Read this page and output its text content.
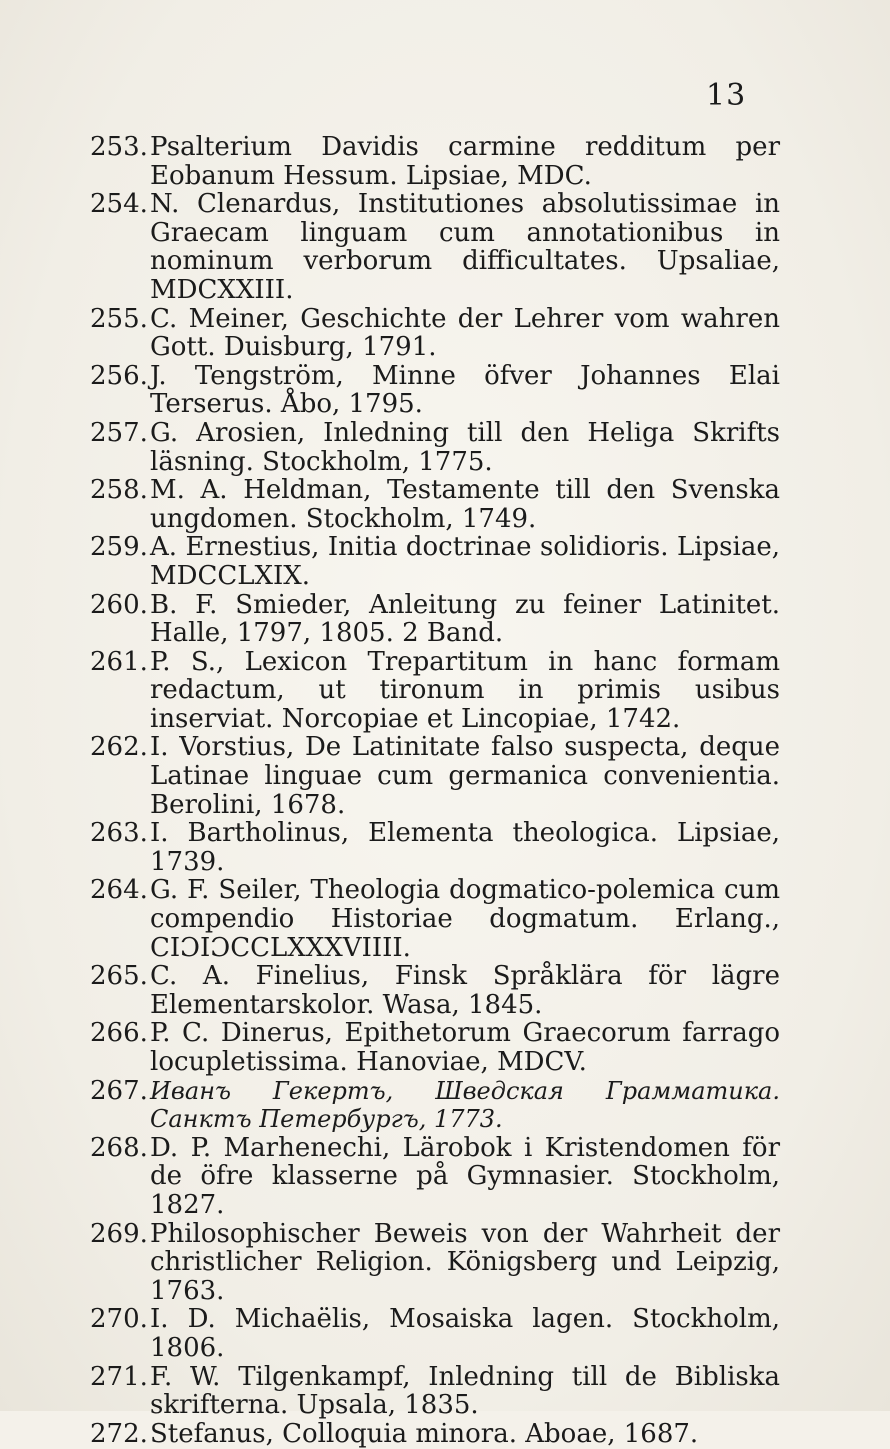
13
253. Psalterium Davidis carmine redditum per Eobanum Hessum. Lipsiae, MDC.
254. N. Clenardus, Institutiones absolutissimae in Graecam linguam cum annotationibus in nominum verborum difficultates. Upsaliae, MDCXXIII.
255. C. Meiner, Geschichte der Lehrer vom wahren Gott. Duisburg, 1791.
256. J. Tengström, Minne öfver Johannes Elai Terserus. Åbo, 1795.
257. G. Arosien, Inledning till den Heliga Skrifts läsning. Stockholm, 1775.
258. M. A. Heldman, Testamente till den Svenska ungdomen. Stockholm, 1749.
259. A. Ernestius, Initia doctrinae solidioris. Lipsiae, MDCCLXIX.
260. B. F. Smieder, Anleitung zu feiner Latinitet. Halle, 1797, 1805. 2 Band.
261. P. S., Lexicon Trepartitum in hanc formam redactum, ut tironum in primis usibus inserviat. Norcopiae et Lincopiae, 1742.
262. I. Vorstius, De Latinitate falso suspecta, deque Latinae linguae cum germanica convenientia. Berolini, 1678.
263. I. Bartholinus, Elementa theologica. Lipsiae, 1739.
264. G. F. Seiler, Theologia dogmatico-polemica cum compendio Historiae dogmatum. Erlang., CIƆIƆCCLXXXVIIII.
265. C. A. Finelius, Finsk Språklära för lägre Elementarskolor. Wasa, 1845.
266. P. C. Dinerus, Epithetorum Graecorum farrago locupletissima. Hanoviae, MDCV.
267. Иванъ Гекертъ, Шведская Грамматика. Санктъ Петербургъ, 1773.
268. D. P. Marhenechi, Lärobok i Kristendomen för de öfre klasserne på Gymnasier. Stockholm, 1827.
269. Philosophischer Beweis von der Wahrheit der christlicher Religion. Königsberg und Leipzig, 1763.
270. I. D. Michaëlis, Mosaiska lagen. Stockholm, 1806.
271. F. W. Tilgenkampf, Inledning till de Bibliska skrifterna. Upsala, 1835.
272. Stefanus, Colloquia minora. Aboae, 1687.
